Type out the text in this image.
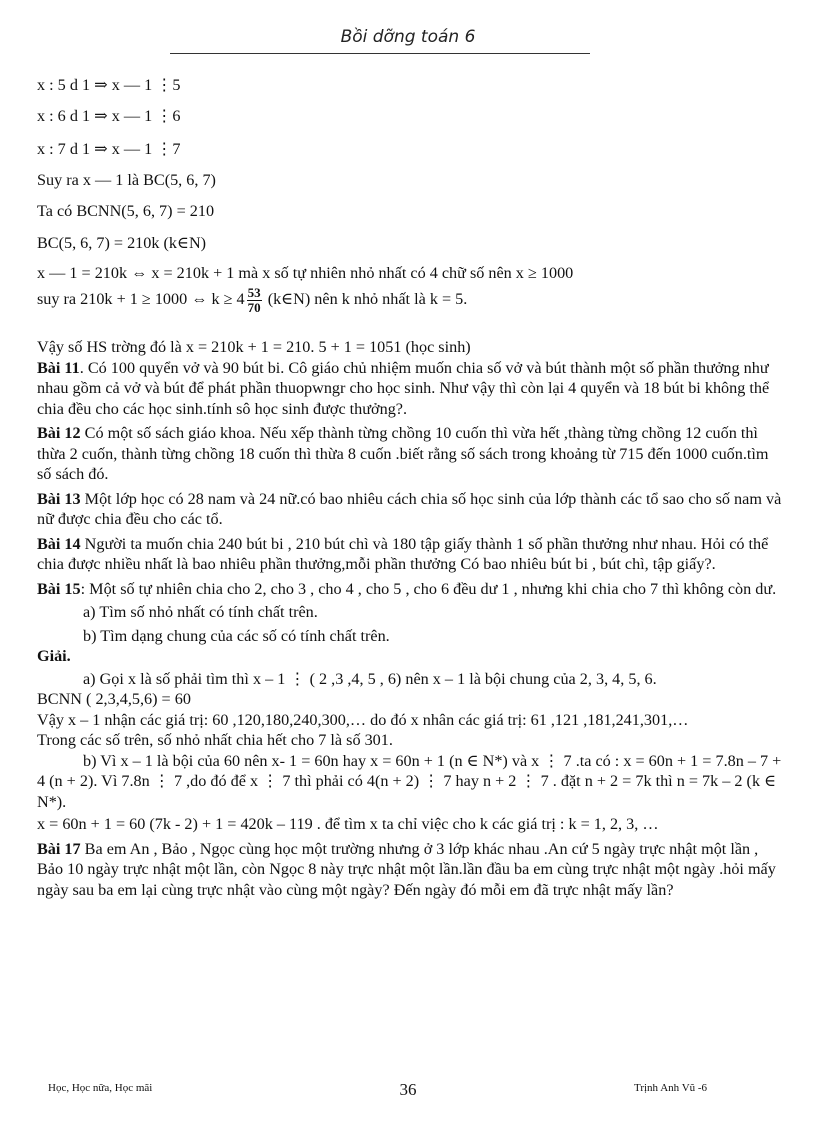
Bồi dỡng toán 6
x : 5 d 1 ⇒ x — 1 ⋮5
x : 6 d 1 ⇒ x — 1 ⋮6
x : 7 d 1 ⇒ x — 1 ⋮7
Suy ra x — 1 là BC(5, 6, 7)
Ta có BCNN(5, 6, 7) = 210
BC(5, 6, 7) = 210k (k∈N)
x — 1 = 210k ⇔ x = 210k + 1 mà x số tự nhiên nhỏ nhất có 4 chữ số nên x ≥ 1000
suy ra 210k + 1 ≥ 1000 ⇔ $k \ge 4 \frac{53}{70}$ (k∈N) nên k nhỏ nhất là k = 5.

Vậy số HS trờng đó là x = 210k + 1 = 210. 5 + 1 = 1051 (học sinh)

Bài 11. Có 100 quyển vở và 90 bút bi. Cô giáo chủ nhiệm muốn chia số vở và bút thành một số phần thưởng như nhau gồm cả vở và bút để phát phần thuopwngr cho học sinh. Như vậy thì còn lại 4 quyển và 18 bút bi không thể chia đều cho các học sinh.tính sô học sinh được thưởng?.

Bài 12 Có một số sách giáo khoa. Nếu xếp thành từng chồng 10 cuốn thì vừa hết ,thàng từng chồng 12 cuốn thì thừa 2 cuốn, thành từng chồng 18 cuốn thì thừa 8 cuốn .biết rằng số sách trong khoảng từ 715 đến 1000 cuốn.tìm số sách đó.

Bài 13 Một lớp học có 28 nam và 24 nữ.có bao nhiêu cách chia số học sinh của lớp thành các tổ sao cho số nam và nữ được chia đều cho các tổ.

Bài 14 Người ta muốn chia 240 bút bi , 210 bút chì và 180 tập giấy thành 1 số phần thưởng như nhau. Hỏi có thể chia được nhiều nhất là bao nhiêu phần thưởng,mỗi phần thưởng Có bao nhiêu bút bi , bút chì, tập giấy?.

Bài 15: Một số tự nhiên chia cho 2, cho 3 , cho 4 , cho 5 , cho 6 đều dư 1 , nhưng khi chia cho 7 thì không còn dư.

a) Tìm số nhỏ nhất có tính chất trên.

b) Tìm dạng chung của các số có tính chất trên.

Giải.

a) Gọi x là số phải tìm thì x – 1 ⋮ ( 2 ,3 ,4, 5 , 6) nên x – 1 là bội chung của 2, 3, 4, 5, 6.

BCNN ( 2,3,4,5,6) = 60

Vậy x – 1 nhận các giá trị: 60 ,120,180,240,300,… do đó x nhân các giá trị: 61 ,121 ,181,241,301,…

Trong các số trên, số nhỏ nhất chia hết cho 7 là số 301.

b) Vì x – 1 là bội của 60 nên x- 1 = 60n hay x = 60n + 1 (n ∈ N*) và x ⋮ 7 .ta có : x = 60n + 1 = 7.8n – 7 + 4 (n + 2). Vì 7.8n ⋮ 7 ,do đó để x ⋮ 7 thì phải có 4(n + 2) ⋮ 7 hay n + 2 ⋮ 7 . đặt n + 2 = 7k thì n = 7k – 2 (k ∈ N*).

x = 60n + 1 = 60 (7k - 2) + 1 = 420k – 119 . để tìm x ta chỉ việc cho k các giá trị : k = 1, 2, 3, …

Bài 17 Ba em An , Bảo , Ngọc cùng học một trường nhưng ở 3 lớp khác nhau .An cứ 5 ngày trực nhật một lần , Bảo 10 ngày trực nhật một lần, còn Ngọc 8 này trực nhật một lần.lần đầu ba em cùng trực nhật một ngày .hỏi mấy ngày sau ba em lại cùng trực nhật vào cùng một ngày? Đến ngày đó mỗi em đã trực nhật mấy lần?

Học, Học nữa, Học mãi	36	Trịnh Anh Vũ -6
